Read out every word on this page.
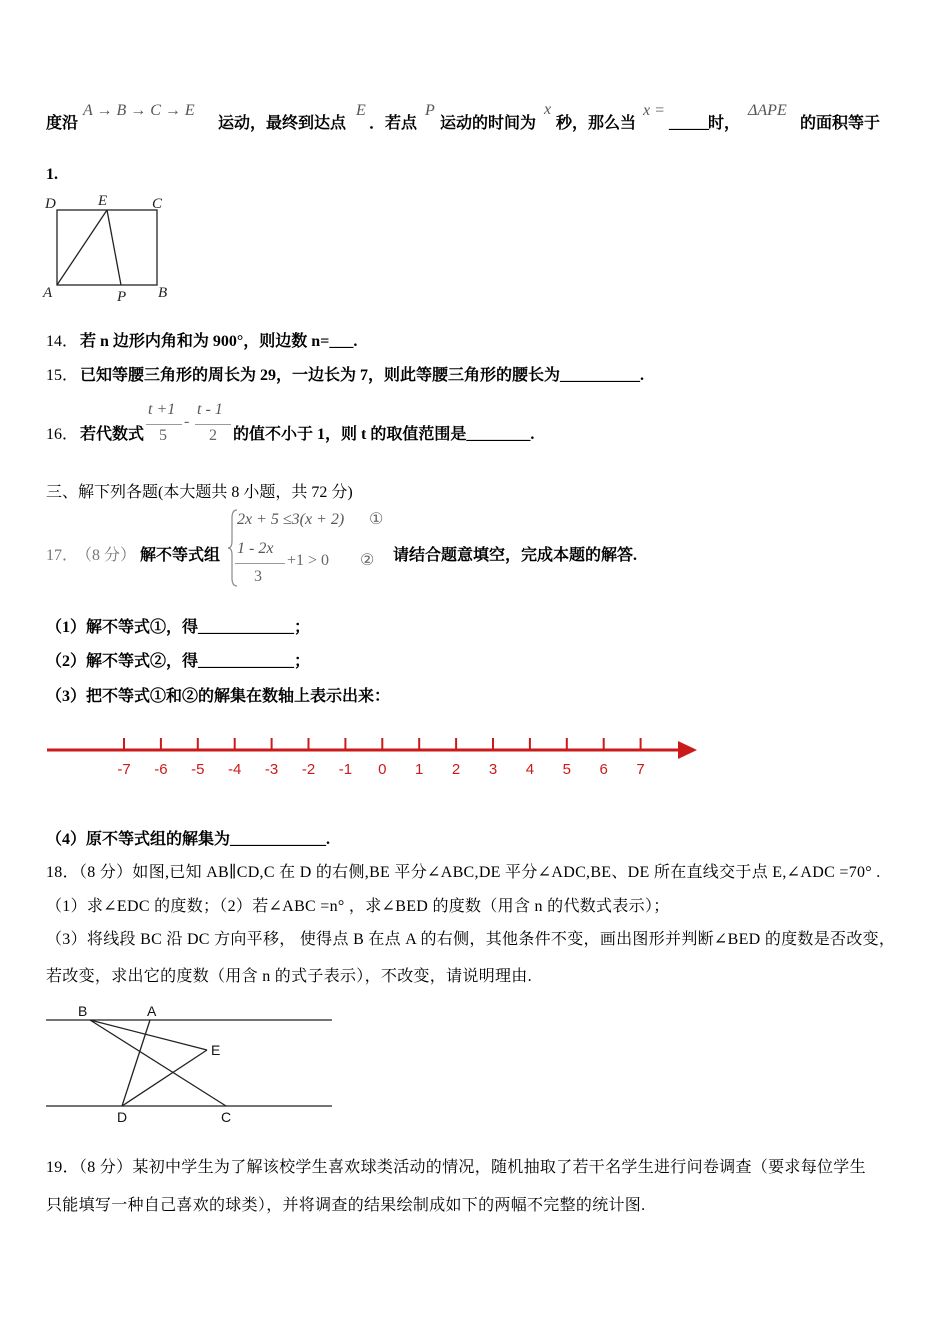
度沿
A → B → C → E
运动，最终到达点
E
．若点
P
运动的时间为
x
秒，那么当
x =
_____ 时，
ΔAPE
的面积等于
1.
D	E	C
A	P B
14． 若 n 边形内角和为 900°，则边数 n=___.
15． 已知等腰三角形的周长为 29，一边长为 7，则此等腰三角形的腰长为__________.
16． 若代数式
t +1
5
-
t - 1
2 的值不小于 1，则 t 的取值范围是________.
三、解下列各题(本大题共 8 小题，共 72 分)
17．
（8 分） 解不等式组
2x + 5 ≤3(x + 2) ①
1 - 2x
3
+1 > 0 ② 请结合题意填空，完成本题的解答.
（1）解不等式①，得____________；
（2）解不等式②，得____________；
（3）把不等式①和②的解集在数轴上表示出来：
-7 -6 -5 -4 -3 -2 -1 0 1 2 3 4 5 6 7
（4）原不等式组的解集为____________.
18．（8 分）如图,已知 AB∥CD,C 在 D 的右侧,BE 平分∠ABC,DE 平分∠ADC,BE、DE 所在直线交于点 E,∠ADC =70° .
（1）求∠EDC 的度数；（2）若∠ABC =n° ，求∠BED 的度数（用含 n 的代数式表示）；
（3）将线段 BC 沿 DC 方向平移， 使得点 B 在点 A 的右侧，其他条件不变，画出图形并判断∠BED 的度数是否改变，
若改变，求出它的度数（用含 n 的式子表示），不改变，请说明理由.
B	A
E
D	C
19．（8 分）某初中学生为了解该校学生喜欢球类活动的情况，随机抽取了若干名学生进行问卷调查（要求每位学生
只能填写一种自己喜欢的球类），并将调查的结果绘制成如下的两幅不完整的统计图.
